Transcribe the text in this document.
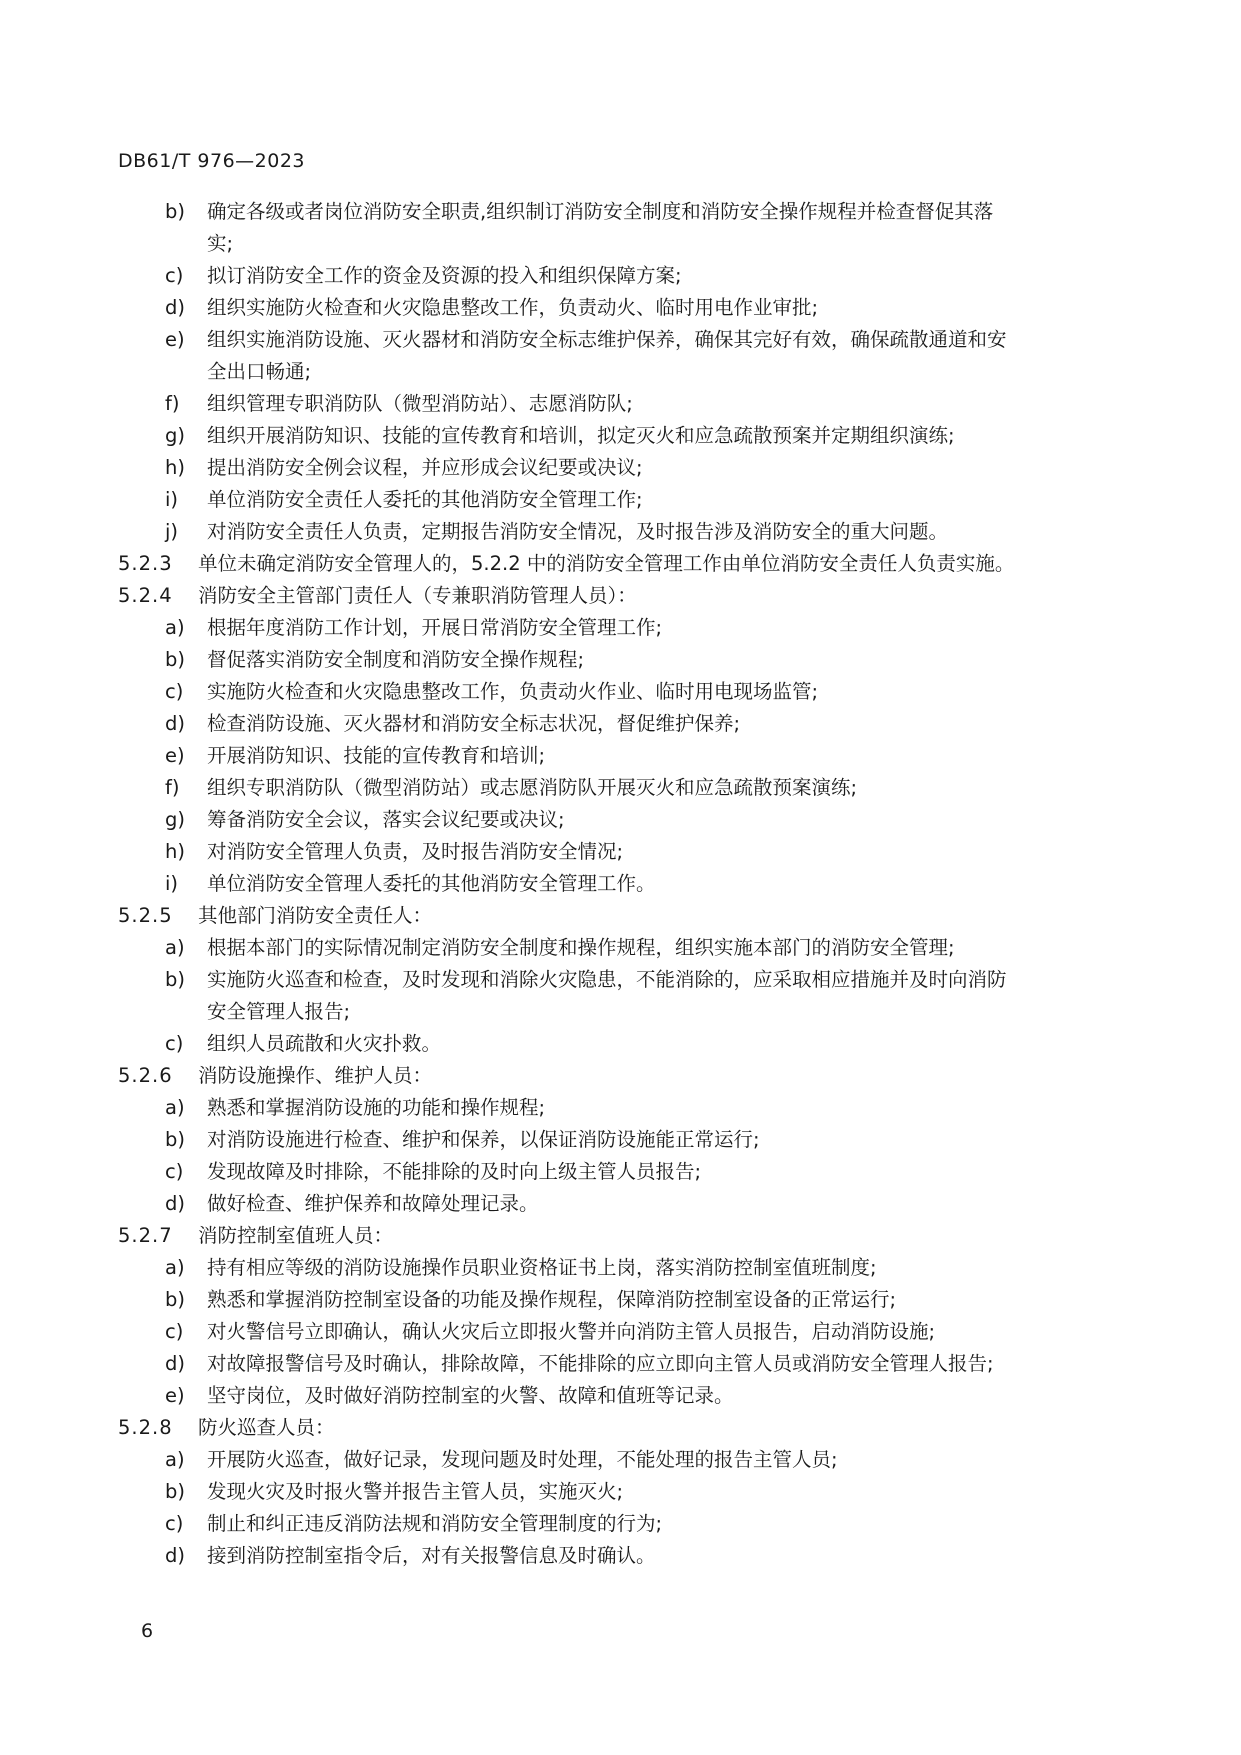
DB61/T 976—2023
b) 确定各级或者岗位消防安全职责,组织制订消防安全制度和消防安全操作规程并检查督促其落
实;
c) 拟订消防安全工作的资金及资源的投入和组织保障方案;
d) 组织实施防火检查和火灾隐患整改工作，负责动火、临时用电作业审批;
e) 组织实施消防设施、灭火器材和消防安全标志维护保养，确保其完好有效，确保疏散通道和安
全出口畅通;
f) 组织管理专职消防队（微型消防站）、志愿消防队;
g) 组织开展消防知识、技能的宣传教育和培训，拟定灭火和应急疏散预案并定期组织演练;
h) 提出消防安全例会议程，并应形成会议纪要或决议;
i) 单位消防安全责任人委托的其他消防安全管理工作;
j) 对消防安全责任人负责，定期报告消防安全情况，及时报告涉及消防安全的重大问题。
5.2.3 单位未确定消防安全管理人的，5.2.2 中的消防安全管理工作由单位消防安全责任人负责实施。
5.2.4 消防安全主管部门责任人（专兼职消防管理人员）：
a) 根据年度消防工作计划，开展日常消防安全管理工作;
b) 督促落实消防安全制度和消防安全操作规程;
c) 实施防火检查和火灾隐患整改工作，负责动火作业、临时用电现场监管;
d) 检查消防设施、灭火器材和消防安全标志状况，督促维护保养;
e) 开展消防知识、技能的宣传教育和培训;
f) 组织专职消防队（微型消防站）或志愿消防队开展灭火和应急疏散预案演练;
g) 筹备消防安全会议，落实会议纪要或决议;
h) 对消防安全管理人负责，及时报告消防安全情况;
i) 单位消防安全管理人委托的其他消防安全管理工作。
5.2.5 其他部门消防安全责任人：
a) 根据本部门的实际情况制定消防安全制度和操作规程，组织实施本部门的消防安全管理;
b) 实施防火巡查和检查，及时发现和消除火灾隐患，不能消除的，应采取相应措施并及时向消防
安全管理人报告;
c) 组织人员疏散和火灾扑救。
5.2.6 消防设施操作、维护人员：
a) 熟悉和掌握消防设施的功能和操作规程;
b) 对消防设施进行检查、维护和保养，以保证消防设施能正常运行;
c) 发现故障及时排除，不能排除的及时向上级主管人员报告;
d) 做好检查、维护保养和故障处理记录。
5.2.7 消防控制室值班人员：
a) 持有相应等级的消防设施操作员职业资格证书上岗，落实消防控制室值班制度;
b) 熟悉和掌握消防控制室设备的功能及操作规程，保障消防控制室设备的正常运行;
c) 对火警信号立即确认，确认火灾后立即报火警并向消防主管人员报告，启动消防设施;
d) 对故障报警信号及时确认，排除故障，不能排除的应立即向主管人员或消防安全管理人报告;
e) 坚守岗位，及时做好消防控制室的火警、故障和值班等记录。
5.2.8 防火巡查人员：
a) 开展防火巡查，做好记录，发现问题及时处理，不能处理的报告主管人员;
b) 发现火灾及时报火警并报告主管人员，实施灭火;
c) 制止和纠正违反消防法规和消防安全管理制度的行为;
d) 接到消防控制室指令后，对有关报警信息及时确认。
6
